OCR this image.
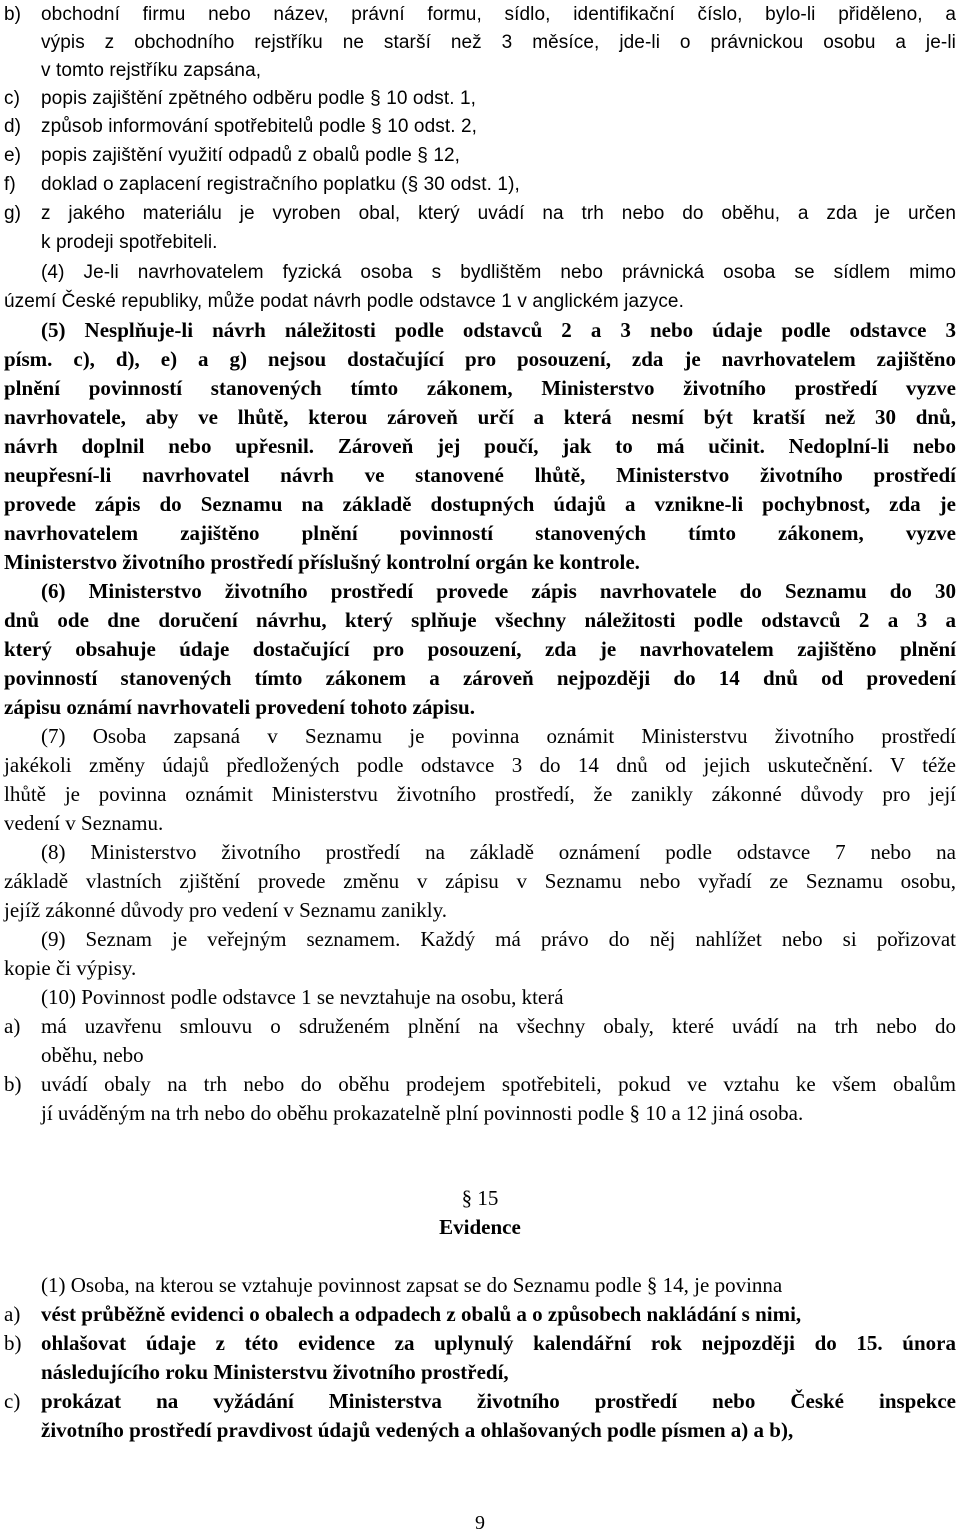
b) obchodní firmu nebo název, právní formu, sídlo, identifikační číslo, bylo-li přiděleno, a
výpis z obchodního rejstříku ne starší než 3 měsíce, jde-li o právnickou osobu a je-li
v tomto rejstříku zapsána,
c) popis zajištění zpětného odběru podle § 10 odst. 1,
d) způsob informování spotřebitelů podle § 10 odst. 2,
e) popis zajištění využití odpadů z obalů podle § 12,
f) doklad o zaplacení registračního poplatku (§ 30 odst. 1),
g) z jakého materiálu je vyroben obal, který uvádí na trh nebo do oběhu, a zda je určen
k prodeji spotřebiteli.
(4) Je-li navrhovatelem fyzická osoba s bydlištěm nebo právnická osoba se sídlem mimo
území České republiky, může podat návrh podle odstavce 1 v anglickém jazyce.
(5) Nesplňuje-li návrh náležitosti podle odstavců 2 a 3 nebo údaje podle odstavce 3
písm. c), d), e) a g) nejsou dostačující pro posouzení, zda je navrhovatelem zajištěno
plnění povinností stanovených tímto zákonem, Ministerstvo životního prostředí vyzve
navrhovatele, aby ve lhůtě, kterou zároveň určí a která nesmí být kratší než 30 dnů,
návrh doplnil nebo upřesnil. Zároveň jej poučí, jak to má učinit. Nedoplní-li nebo
neupřesní-li navrhovatel návrh ve stanovené lhůtě, Ministerstvo životního prostředí
provede zápis do Seznamu na základě dostupných údajů a vznikne-li pochybnost, zda je
navrhovatelem zajištěno plnění povinností stanovených tímto zákonem, vyzve
Ministerstvo životního prostředí příslušný kontrolní orgán ke kontrole.
(6) Ministerstvo životního prostředí provede zápis navrhovatele do Seznamu do 30
dnů ode dne doručení návrhu, který splňuje všechny náležitosti podle odstavců 2 a 3 a
který obsahuje údaje dostačující pro posouzení, zda je navrhovatelem zajištěno plnění
povinností stanovených tímto zákonem a zároveň nejpozději do 14 dnů od provedení
zápisu oznámí navrhovateli provedení tohoto zápisu.
(7) Osoba zapsaná v Seznamu je povinna oznámit Ministerstvu životního prostředí
jakékoli změny údajů předložených podle odstavce 3 do 14 dnů od jejich uskutečnění. V téže
lhůtě je povinna oznámit Ministerstvu životního prostředí, že zanikly zákonné důvody pro její
vedení v Seznamu.
(8) Ministerstvo životního prostředí na základě oznámení podle odstavce 7 nebo na
základě vlastních zjištění provede změnu v zápisu v Seznamu nebo vyřadí ze Seznamu osobu,
jejíž zákonné důvody pro vedení v Seznamu zanikly.
(9) Seznam je veřejným seznamem. Každý má právo do něj nahlížet nebo si pořizovat
kopie či výpisy.
(10) Povinnost podle odstavce 1 se nevztahuje na osobu, která
a) má uzavřenu smlouvu o sdruženém plnění na všechny obaly, které uvádí na trh nebo do
oběhu, nebo
b) uvádí obaly na trh nebo do oběhu prodejem spotřebiteli, pokud ve vztahu ke všem obalům
jí uváděným na trh nebo do oběhu prokazatelně plní povinnosti podle § 10 a 12 jiná osoba.
§ 15
Evidence
(1) Osoba, na kterou se vztahuje povinnost zapsat se do Seznamu podle § 14, je povinna
a) vést průběžně evidenci o obalech a odpadech z obalů a o způsobech nakládání s nimi,
b) ohlašovat údaje z této evidence za uplynulý kalendářní rok nejpozději do 15. února
následujícího roku Ministerstvu životního prostředí,
c) prokázat na vyžádání Ministerstva životního prostředí nebo České inspekce
životního prostředí pravdivost údajů vedených a ohlašovaných podle písmen a) a b),
9
